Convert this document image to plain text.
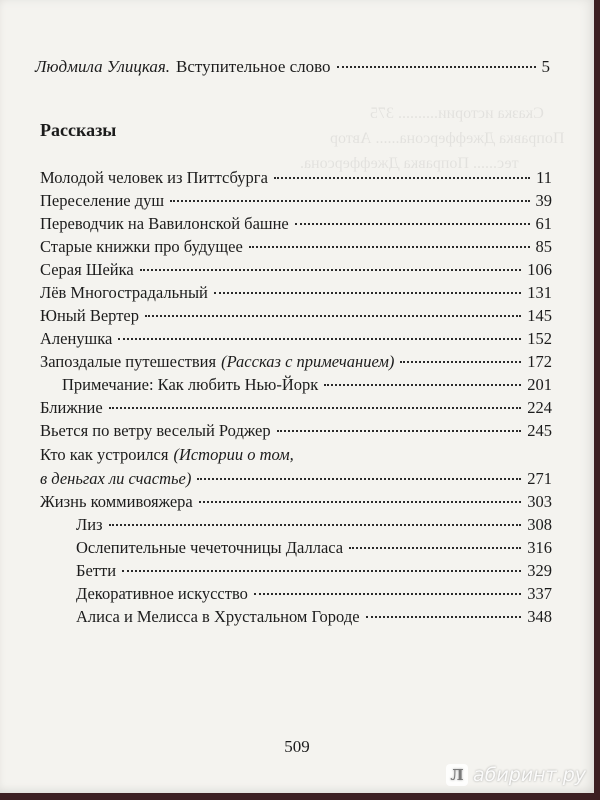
Сказка истории.......... 375
Поправка Джефферсона...... Автор
тес...... Поправка Джефферсона.
Людмила Улицкая. Вступительное слово	5
Рассказы
Молодой человек из Питтсбурга	11
Переселение душ	39
Переводчик на Вавилонской башне	61
Старые книжки про будущее	85
Серая Шейка	106
Лёв Многострадальный	131
Юный Вертер	145
Аленушка	152
Запоздалые путешествия (Рассказ с примечанием)	172
Примечание: Как любить Нью-Йорк	201
Ближние	224
Вьется по ветру веселый Роджер	245
Кто как устроился (Истории о том,
в деньгах ли счастье)	271
Жизнь коммивояжера	303
Лиз	308
Ослепительные чечеточницы Далласа	316
Бетти	329
Декоративное искусство	337
Алиса и Мелисса в Хрустальном Городе	348
509
Л абиринт.ру
